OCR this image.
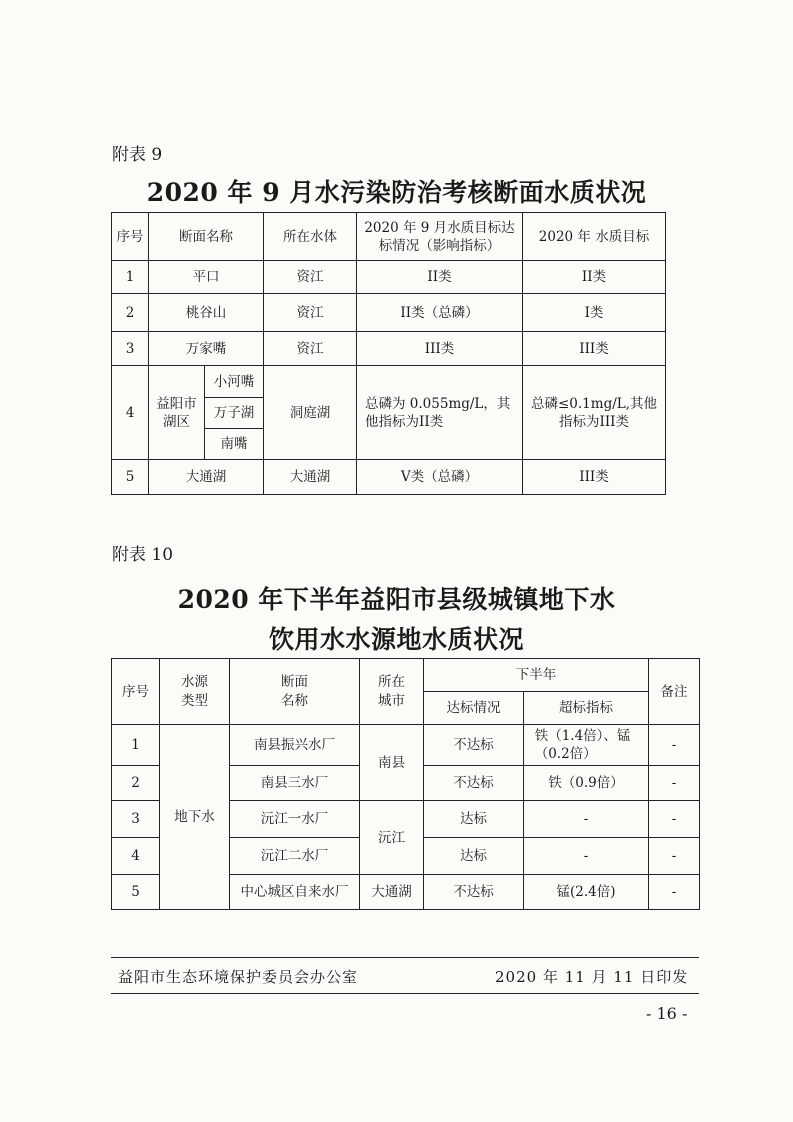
附表 9
2020 年 9 月水污染防治考核断面水质状况
序号	断面名称		所在水体	2020 年 9 月水质目标达标情况（影响指标）	2020 年 水质目标
1	平口		资江	II类	II类
2	桃谷山		资江	II类（总磷）	I类
3	万家嘴		资江	III类	III类
4	益阳市湖区	小河嘴	洞庭湖	总磷为 0.055mg/L，其他指标为II类	总磷≤0.1mg/L,其他指标为III类
		万子湖			
		南嘴			
5	大通湖		大通湖	V类（总磷）	III类
附表 10
2020 年下半年益阳市县级城镇地下水
饮用水水源地水质状况
序号	水源类型	断面名称	所在城市	下半年		备注
				达标情况	超标指标	
1	地下水	南县振兴水厂	南县	不达标	铁（1.4倍）、锰（0.2倍）	-
2		南县三水厂		不达标	铁（0.9倍）	-
3		沅江一水厂	沅江	达标	-	-
4		沅江二水厂		达标	-	-
5		中心城区自来水厂	大通湖	不达标	锰(2.4倍)	-
益阳市生态环境保护委员会办公室	2020 年 11 月 11 日印发
- 16 -
